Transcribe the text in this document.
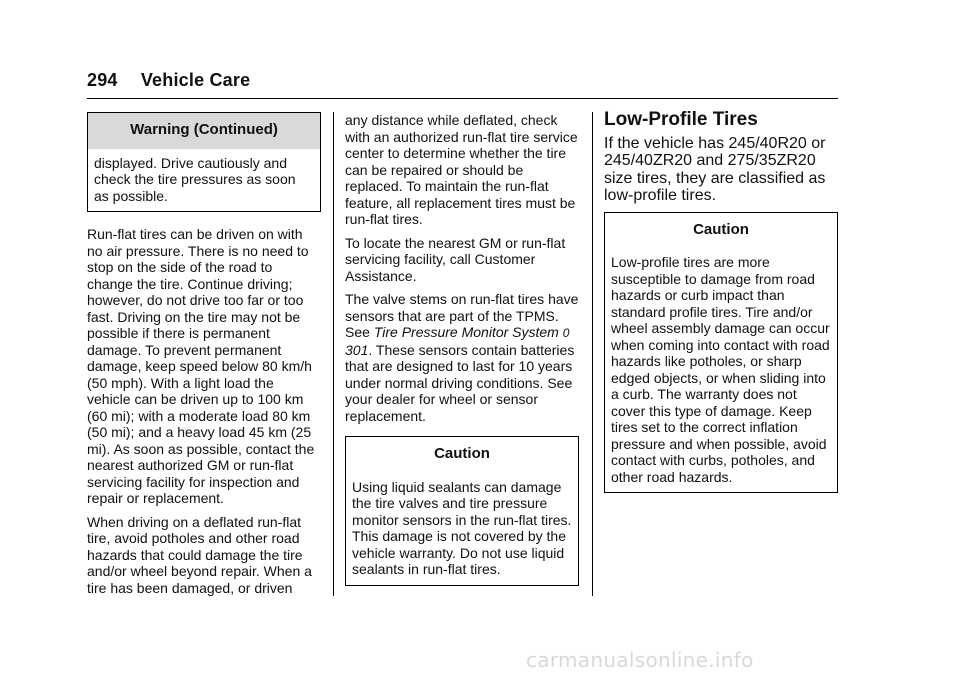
294 Vehicle Care
Warning (Continued)
displayed. Drive cautiously and check the tire pressures as soon as possible.

Run-flat tires can be driven on with no air pressure. There is no need to stop on the side of the road to change the tire. Continue driving; however, do not drive too far or too fast. Driving on the tire may not be possible if there is permanent damage. To prevent permanent damage, keep speed below 80 km/h (50 mph). With a light load the vehicle can be driven up to 100 km (60 mi); with a moderate load 80 km (50 mi); and a heavy load 45 km (25 mi). As soon as possible, contact the nearest authorized GM or run-flat servicing facility for inspection and repair or replacement.

When driving on a deflated run-flat tire, avoid potholes and other road hazards that could damage the tire and/or wheel beyond repair. When a tire has been damaged, or driven

any distance while deflated, check with an authorized run-flat tire service center to determine whether the tire can be repaired or should be replaced. To maintain the run-flat feature, all replacement tires must be run-flat tires.

To locate the nearest GM or run-flat servicing facility, call Customer Assistance.

The valve stems on run-flat tires have sensors that are part of the TPMS. See Tire Pressure Monitor System 0 301. These sensors contain batteries that are designed to last for 10 years under normal driving conditions. See your dealer for wheel or sensor replacement.

Caution
Using liquid sealants can damage the tire valves and tire pressure monitor sensors in the run-flat tires. This damage is not covered by the vehicle warranty. Do not use liquid sealants in run-flat tires.
Low-Profile Tires

If the vehicle has 245/40R20 or 245/40ZR20 and 275/35ZR20 size tires, they are classified as low-profile tires.

Caution
Low-profile tires are more susceptible to damage from road hazards or curb impact than standard profile tires. Tire and/or wheel assembly damage can occur when coming into contact with road hazards like potholes, or sharp edged objects, or when sliding into a curb. The warranty does not cover this type of damage. Keep tires set to the correct inflation pressure and when possible, avoid contact with curbs, potholes, and other road hazards.
carmanualsonline.info
